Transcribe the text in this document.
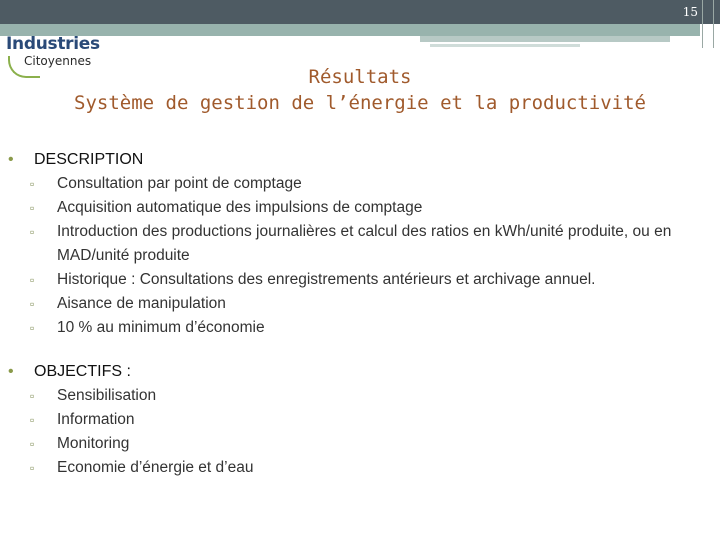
15
Industries
Citoyennes
Résultats
Système de gestion de l’énergie et la productivité
• DESCRIPTION
▫ Consultation par point de comptage
▫ Acquisition automatique des impulsions de comptage
▫ Introduction des productions journalières et calcul des ratios en kWh/unité produite, ou en MAD/unité produite
▫ Historique : Consultations des enregistrements antérieurs et archivage annuel.
▫ Aisance de manipulation
▫ 10 % au minimum d’économie
• OBJECTIFS :
▫ Sensibilisation
▫ Information
▫ Monitoring
▫ Economie d’énergie et d’eau
